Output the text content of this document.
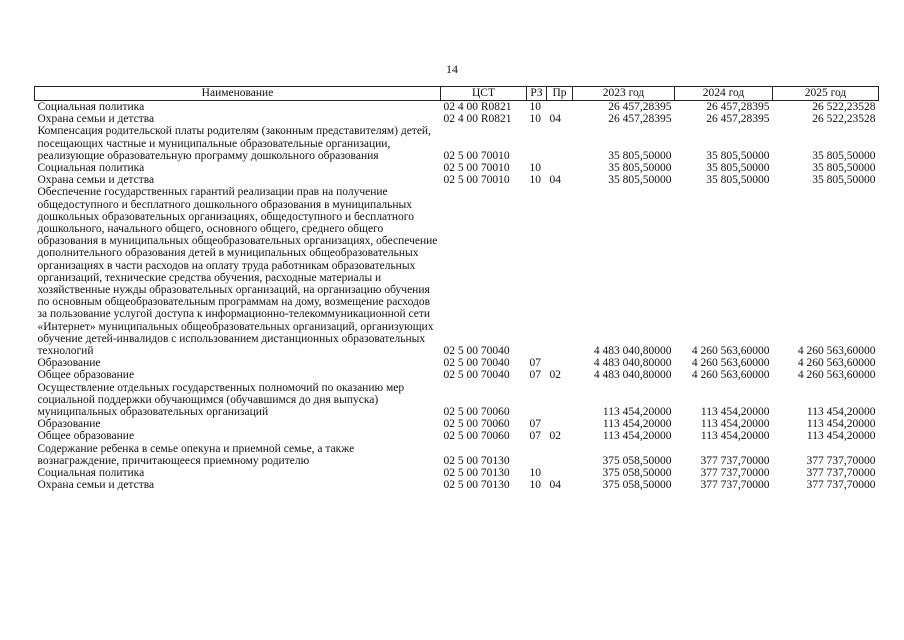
14
Наименование	ЦСТ	РЗ	Пр	2023 год	2024 год	2025 год
Социальная политика	02 4 00 R0821	10		26 457,28395	26 457,28395	26 522,23528
Охрана семьи и детства	02 4 00 R0821	10	04	26 457,28395	26 457,28395	26 522,23528
Компенсация родительской платы родителям (законным представителям) детей, посещающих частные и муниципальные образовательные организации, реализующие образовательную программу дошкольного образования	02 5 00 70010			35 805,50000	35 805,50000	35 805,50000
Социальная политика	02 5 00 70010	10		35 805,50000	35 805,50000	35 805,50000
Охрана семьи и детства	02 5 00 70010	10	04	35 805,50000	35 805,50000	35 805,50000
Обеспечение государственных гарантий реализации прав на получение общедоступного и бесплатного дошкольного образования в муниципальных дошкольных образовательных организациях, общедоступного и бесплатного дошкольного, начального общего, основного общего, среднего общего образования в муниципальных общеобразовательных организациях, обеспечение дополнительного образования детей в муниципальных общеобразовательных организациях в части расходов на оплату труда работникам образовательных организаций, технические средства обучения, расходные материалы и хозяйственные нужды образовательных организаций, на организацию обучения по основным общеобразовательным программам на дому, возмещение расходов за пользование услугой доступа к информационно-телекоммуникационной сети «Интернет» муниципальных общеобразовательных организаций, организующих обучение детей-инвалидов с использованием дистанционных образовательных технологий	02 5 00 70040			4 483 040,80000	4 260 563,60000	4 260 563,60000
Образование	02 5 00 70040	07		4 483 040,80000	4 260 563,60000	4 260 563,60000
Общее образование	02 5 00 70040	07	02	4 483 040,80000	4 260 563,60000	4 260 563,60000
Осуществление отдельных государственных полномочий по оказанию мер социальной поддержки обучающимся (обучавшимся до дня выпуска) муниципальных образовательных организаций	02 5 00 70060			113 454,20000	113 454,20000	113 454,20000
Образование	02 5 00 70060	07		113 454,20000	113 454,20000	113 454,20000
Общее образование	02 5 00 70060	07	02	113 454,20000	113 454,20000	113 454,20000
Содержание ребенка в семье опекуна и приемной семье, а также вознаграждение, причитающееся приемному родителю	02 5 00 70130			375 058,50000	377 737,70000	377 737,70000
Социальная политика	02 5 00 70130	10		375 058,50000	377 737,70000	377 737,70000
Охрана семьи и детства	02 5 00 70130	10	04	375 058,50000	377 737,70000	377 737,70000
